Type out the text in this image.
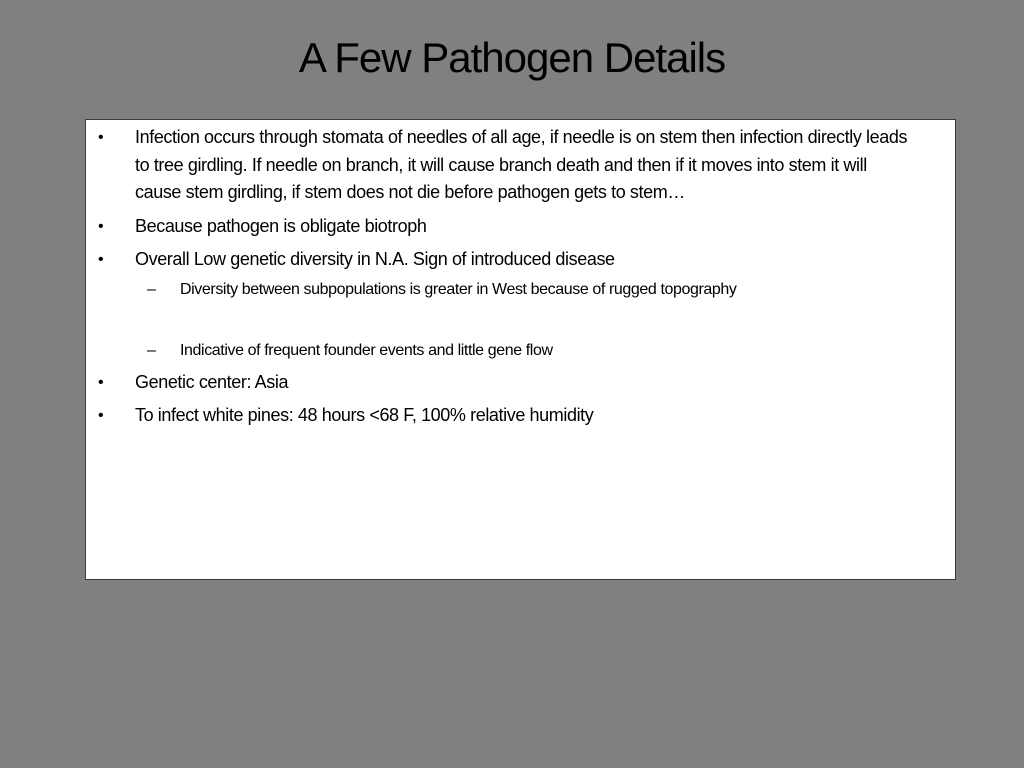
A Few Pathogen Details
• Infection occurs through stomata of needles of all age, if needle is on stem then infection directly leads to tree girdling. If needle on branch, it will cause branch death and then if it moves into stem it will cause stem girdling, if stem does not die before pathogen gets to stem…
• Because pathogen is obligate biotroph
• Overall Low genetic diversity in N.A. Sign of introduced disease
– Diversity between subpopulations is greater in West because of rugged topography
– Indicative of frequent founder events and little gene flow
• Genetic center: Asia
• To infect white pines: 48 hours <68 F, 100% relative humidity
